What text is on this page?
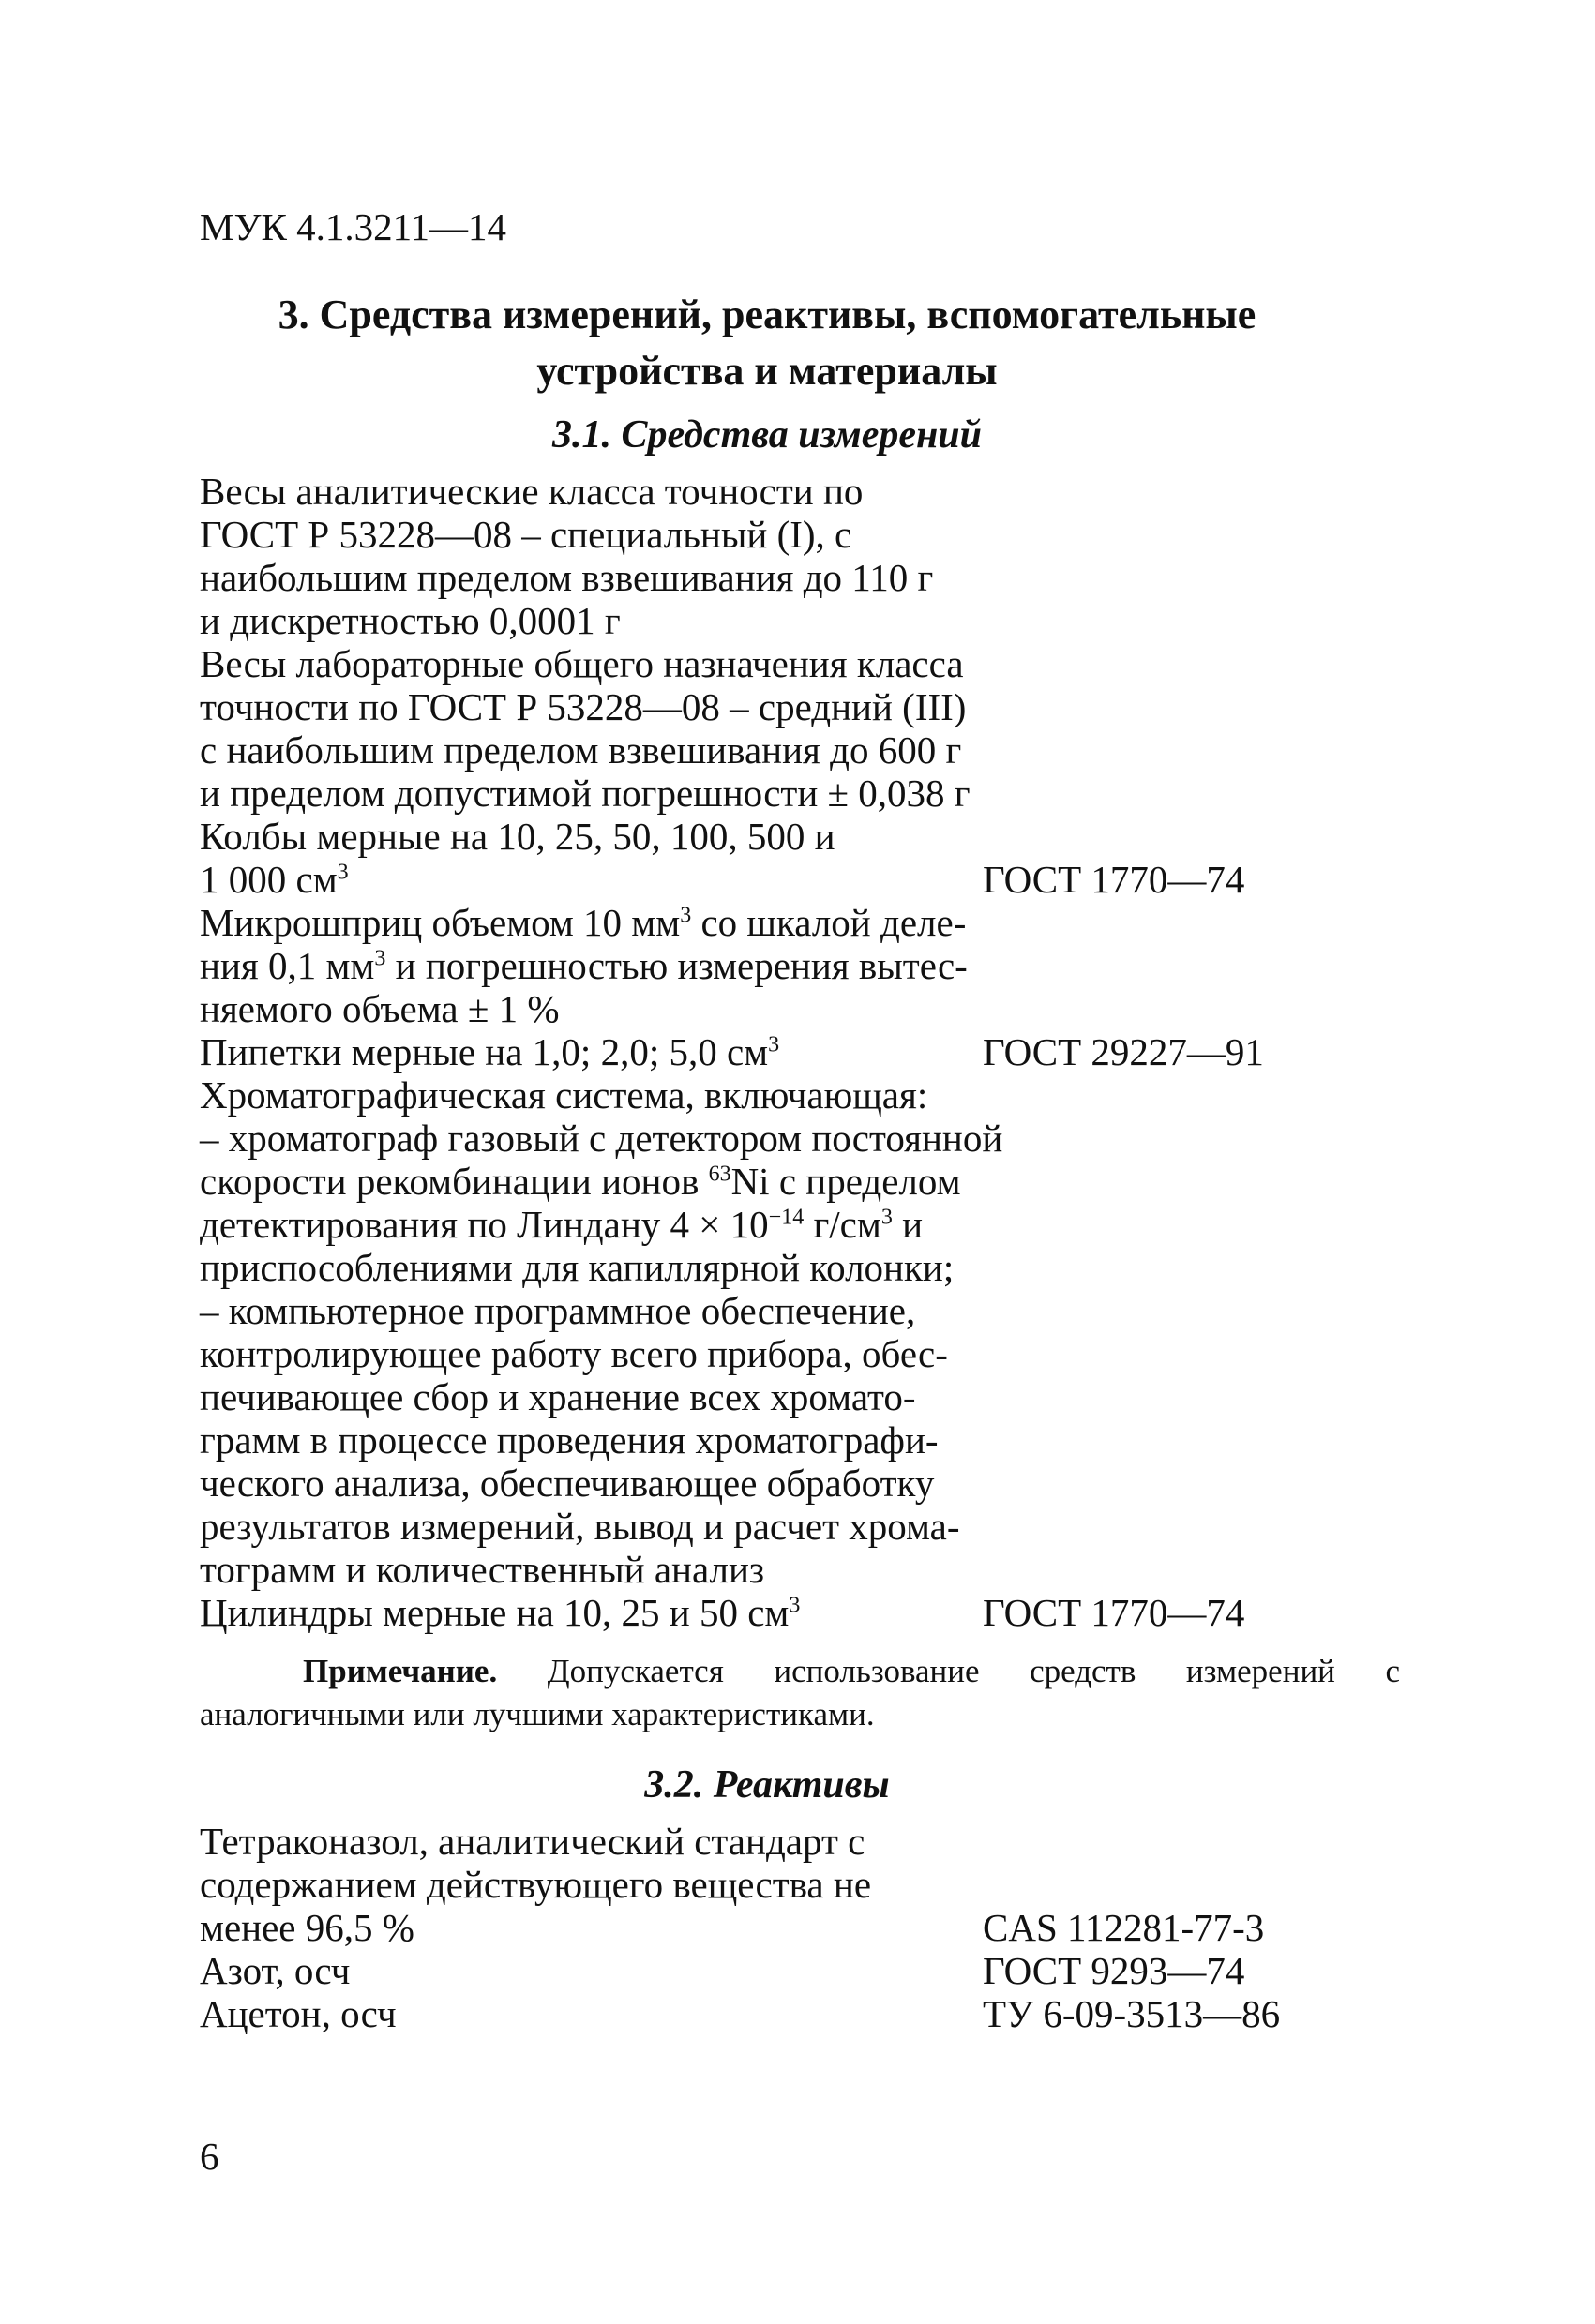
МУК 4.1.3211—14
3. Средства измерений, реактивы, вспомогательные
устройства и материалы
3.1. Средства измерений
Весы аналитические класса точности по
ГОСТ Р 53228—08 – специальный (I), с
наибольшим пределом взвешивания до 110 г
и дискретностью 0,0001 г
Весы лабораторные общего назначения класса
точности по ГОСТ Р 53228—08 – средний (III)
с наибольшим пределом взвешивания до 600 г
и пределом допустимой погрешности ± 0,038 г
Колбы мерные на 10, 25, 50, 100, 500 и
1 000 $см^3$	ГОСТ 1770—74
Микрошприц объемом 10 $мм^3$ со шкалой деле-
ния 0,1 $мм^3$ и погрешностью измерения вытес-
няемого объема ± 1 %
Пипетки мерные на 1,0; 2,0; 5,0 $см^3$	ГОСТ 29227—91
Хроматографическая система, включающая:
– хроматограф газовый с детектором постоянной
скорости рекомбинации ионов $^{63}$Ni с пределом
детектирования по Линдану $4 \times 10^{-14}$ $г/см^3$ и
приспособлениями для капиллярной колонки;
– компьютерное программное обеспечение,
контролирующее работу всего прибора, обес-
печивающее сбор и хранение всех хромато-
грамм в процессе проведения хроматографи-
ческого анализа, обеспечивающее обработку
результатов измерений, вывод и расчет хрома-
тограмм и количественный анализ
Цилиндры мерные на 10, 25 и 50 $см^3$	ГОСТ 1770—74
Примечание. Допускается использование средств измерений с аналогичными или лучшими характеристиками.
3.2. Реактивы
Тетраконазол, аналитический стандарт с
содержанием действующего вещества не
менее 96,5 %	CAS 112281-77-3
Азот, осч	ГОСТ 9293—74
Ацетон, осч	ТУ 6-09-3513—86
6
